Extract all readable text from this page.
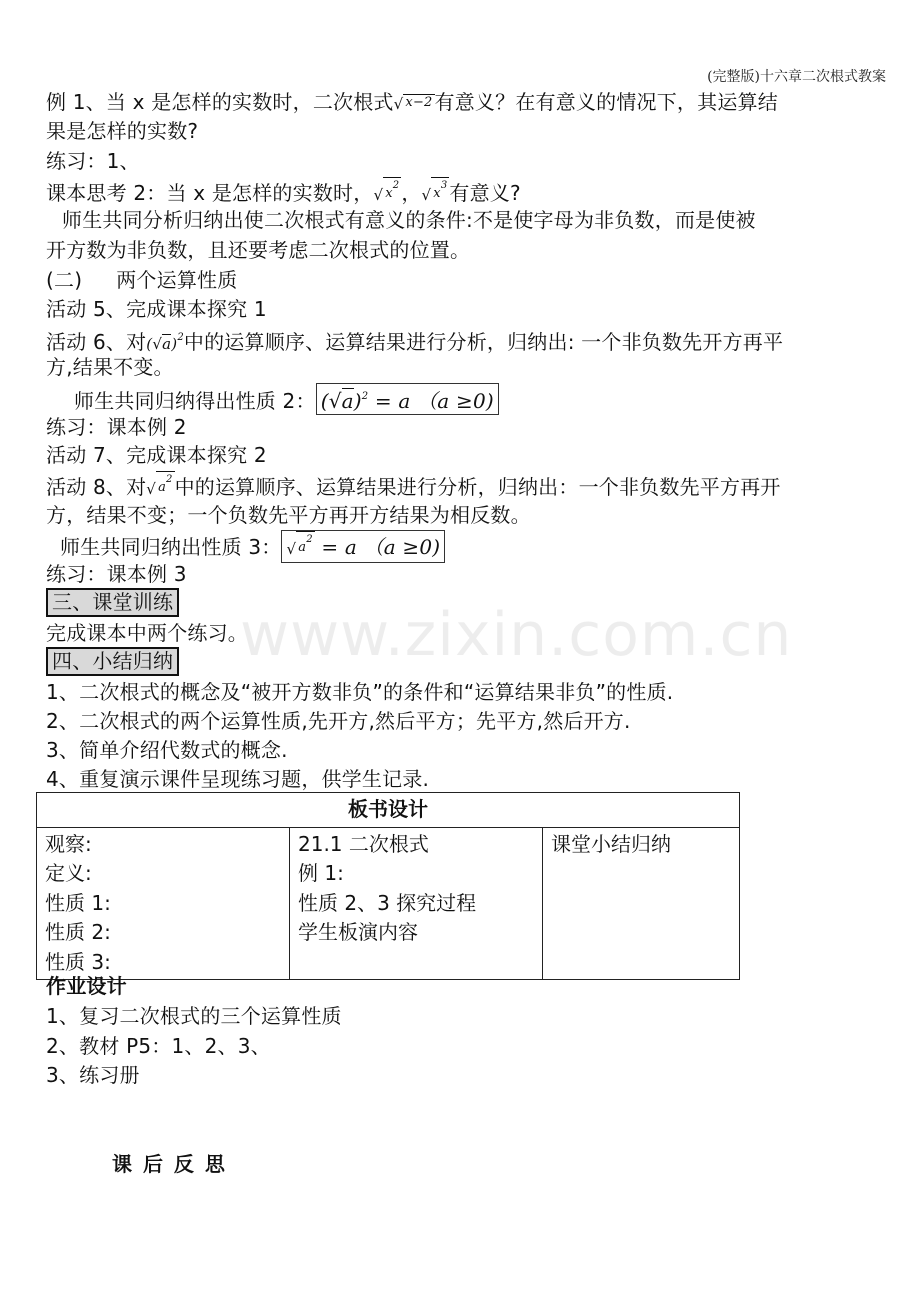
(完整版)十六章二次根式教案
www.zixin.com.cn
例 1、当 x 是怎样的实数时，二次根式√ x−2 有意义？在有意义的情况下，其运算结
果是怎样的实数?
练习：1、
课本思考 2：当 x 是怎样的实数时，√ $x^2$ ，√ $x^3$ 有意义?
师生共同分析归纳出使二次根式有意义的条件:不是使字母为非负数，而是使被
开方数为非负数，且还要考虑二次根式的位置。
(二) 两个运算性质
活动 5、完成课本探究 1
活动 6、对$(√a)^2$中的运算顺序、运算结果进行分析，归纳出: 一个非负数先开方再平
方,结果不变。
师生共同归纳得出性质 2： $(√a)^2 = a$ （a ≥0)
练习：课本例 2
活动 7、完成课本探究 2
活动 8、对√ $a^2$ 中的运算顺序、运算结果进行分析，归纳出：一个非负数先平方再开
方，结果不变；一个负数先平方再开方结果为相反数。
师生共同归纳出性质 3： √ $a^2 = a$ （a ≥0)
练习：课本例 3
三、课堂训练
完成课本中两个练习。
四、小结归纳
1、二次根式的概念及“被开方数非负”的条件和“运算结果非负”的性质.
2、二次根式的两个运算性质,先开方,然后平方；先平方,然后开方.
3、简单介绍代数式的概念.
4、重复演示课件呈现练习题，供学生记录.
板书设计

观察:
定义:
性质 1:
性质 2:
性质 3:

21.1 二次根式
例 1:
性质 2、3 探究过程
学生板演内容

课堂小结归纳
作业设计
1、复习二次根式的三个运算性质
2、教材 P5：1、2、3、
3、练习册
课 后 反 思
